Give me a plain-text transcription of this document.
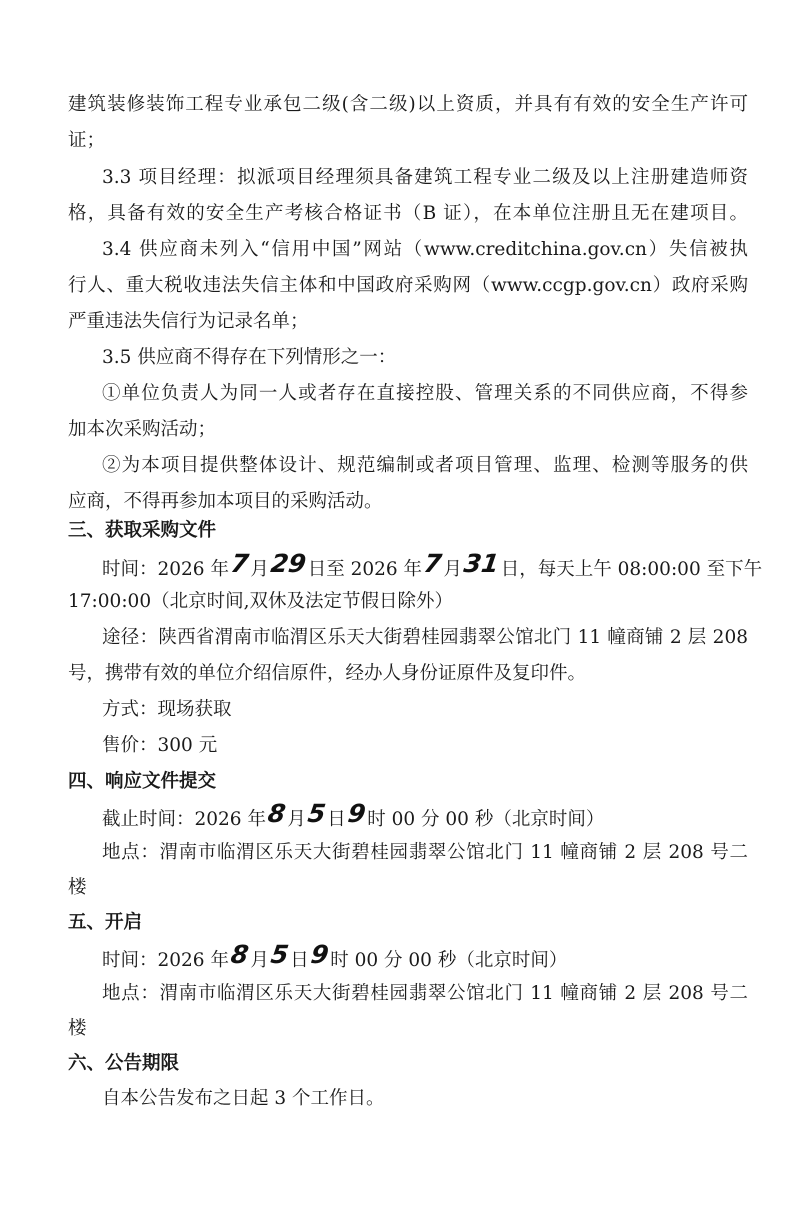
建筑装修装饰工程专业承包二级(含二级)以上资质，并具有有效的安全生产许可
证；
3.3 项目经理：拟派项目经理须具备建筑工程专业二级及以上注册建造师资
格，具备有效的安全生产考核合格证书（B 证），在本单位注册且无在建项目。
3.4 供应商未列入“信用中国”网站（www.creditchina.gov.cn）失信被执
行人、重大税收违法失信主体和中国政府采购网（www.ccgp.gov.cn）政府采购
严重违法失信行为记录名单；
3.5 供应商不得存在下列情形之一：
①单位负责人为同一人或者存在直接控股、管理关系的不同供应商，不得参
加本次采购活动；
②为本项目提供整体设计、规范编制或者项目管理、监理、检测等服务的供
应商，不得再参加本项目的采购活动。
三、获取采购文件
时间：2026 年7月29日至 2026 年7月31日，每天上午 08:00:00 至下午
17:00:00（北京时间,双休及法定节假日除外）
途径：陕西省渭南市临渭区乐天大街碧桂园翡翠公馆北门 11 幢商铺 2 层 208
号，携带有效的单位介绍信原件，经办人身份证原件及复印件。
方式：现场获取
售价：300 元
四、响应文件提交
截止时间：2026 年8月5日9时 00 分 00 秒（北京时间）
地点：渭南市临渭区乐天大街碧桂园翡翠公馆北门 11 幢商铺 2 层 208 号二
楼
五、开启
时间：2026 年8月5日9时 00 分 00 秒（北京时间）
地点：渭南市临渭区乐天大街碧桂园翡翠公馆北门 11 幢商铺 2 层 208 号二
楼
六、公告期限
自本公告发布之日起 3 个工作日。
